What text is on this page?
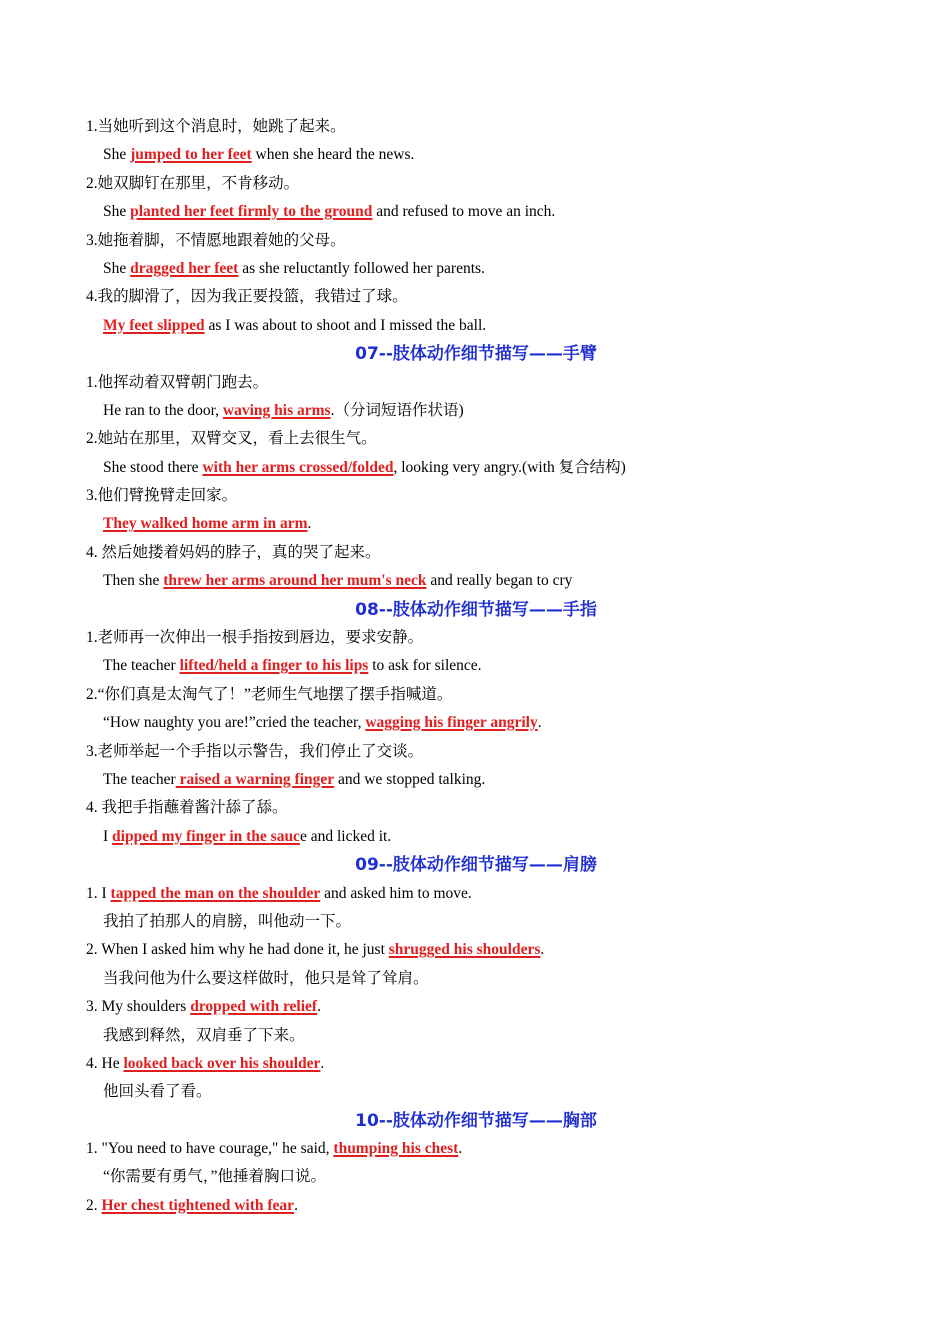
1.当她听到这个消息时，她跳了起来。
She jumped to her feet when she heard the news.
2.她双脚钉在那里，不肯移动。
She planted her feet firmly to the ground and refused to move an inch.
3.她拖着脚，不情愿地跟着她的父母。
She dragged her feet as she reluctantly followed her parents.
4.我的脚滑了，因为我正要投篮，我错过了球。
My feet slipped as I was about to shoot and I missed the ball.
07--肢体动作细节描写——手臂
1.他挥动着双臂朝门跑去。
He ran to the door, waving his arms.（分词短语作状语)
2.她站在那里，双臂交叉，看上去很生气。
She stood there with her arms crossed/folded, looking very angry.(with 复合结构)
3.他们臂挽臂走回家。
They walked home arm in arm.
4. 然后她搂着妈妈的脖子，真的哭了起来。
Then she threw her arms around her mum's neck and really began to cry
08--肢体动作细节描写——手指
1.老师再一次伸出一根手指按到唇边，要求安静。
The teacher lifted/held a finger to his lips to ask for silence.
2.“你们真是太淘气了！”老师生气地摆了摆手指喊道。
“How naughty you are!”cried the teacher, wagging his finger angrily.
3.老师举起一个手指以示警告，我们停止了交谈。
The teacher raised a warning finger and we stopped talking.
4. 我把手指蘸着酱汁舔了舔。
I dipped my finger in the sauce and licked it.
09--肢体动作细节描写——肩膀
1. I tapped the man on the shoulder and asked him to move.
我拍了拍那人的肩膀，叫他动一下。
2. When I asked him why he had done it, he just shrugged his shoulders.
当我问他为什么要这样做时，他只是耸了耸肩。
3. My shoulders dropped with relief.
我感到释然，双肩垂了下来。
4. He looked back over his shoulder.
他回头看了看。
10--肢体动作细节描写——胸部
1. "You need to have courage," he said, thumping his chest.
“你需要有勇气，”他捶着胸口说。
2. Her chest tightened with fear.
